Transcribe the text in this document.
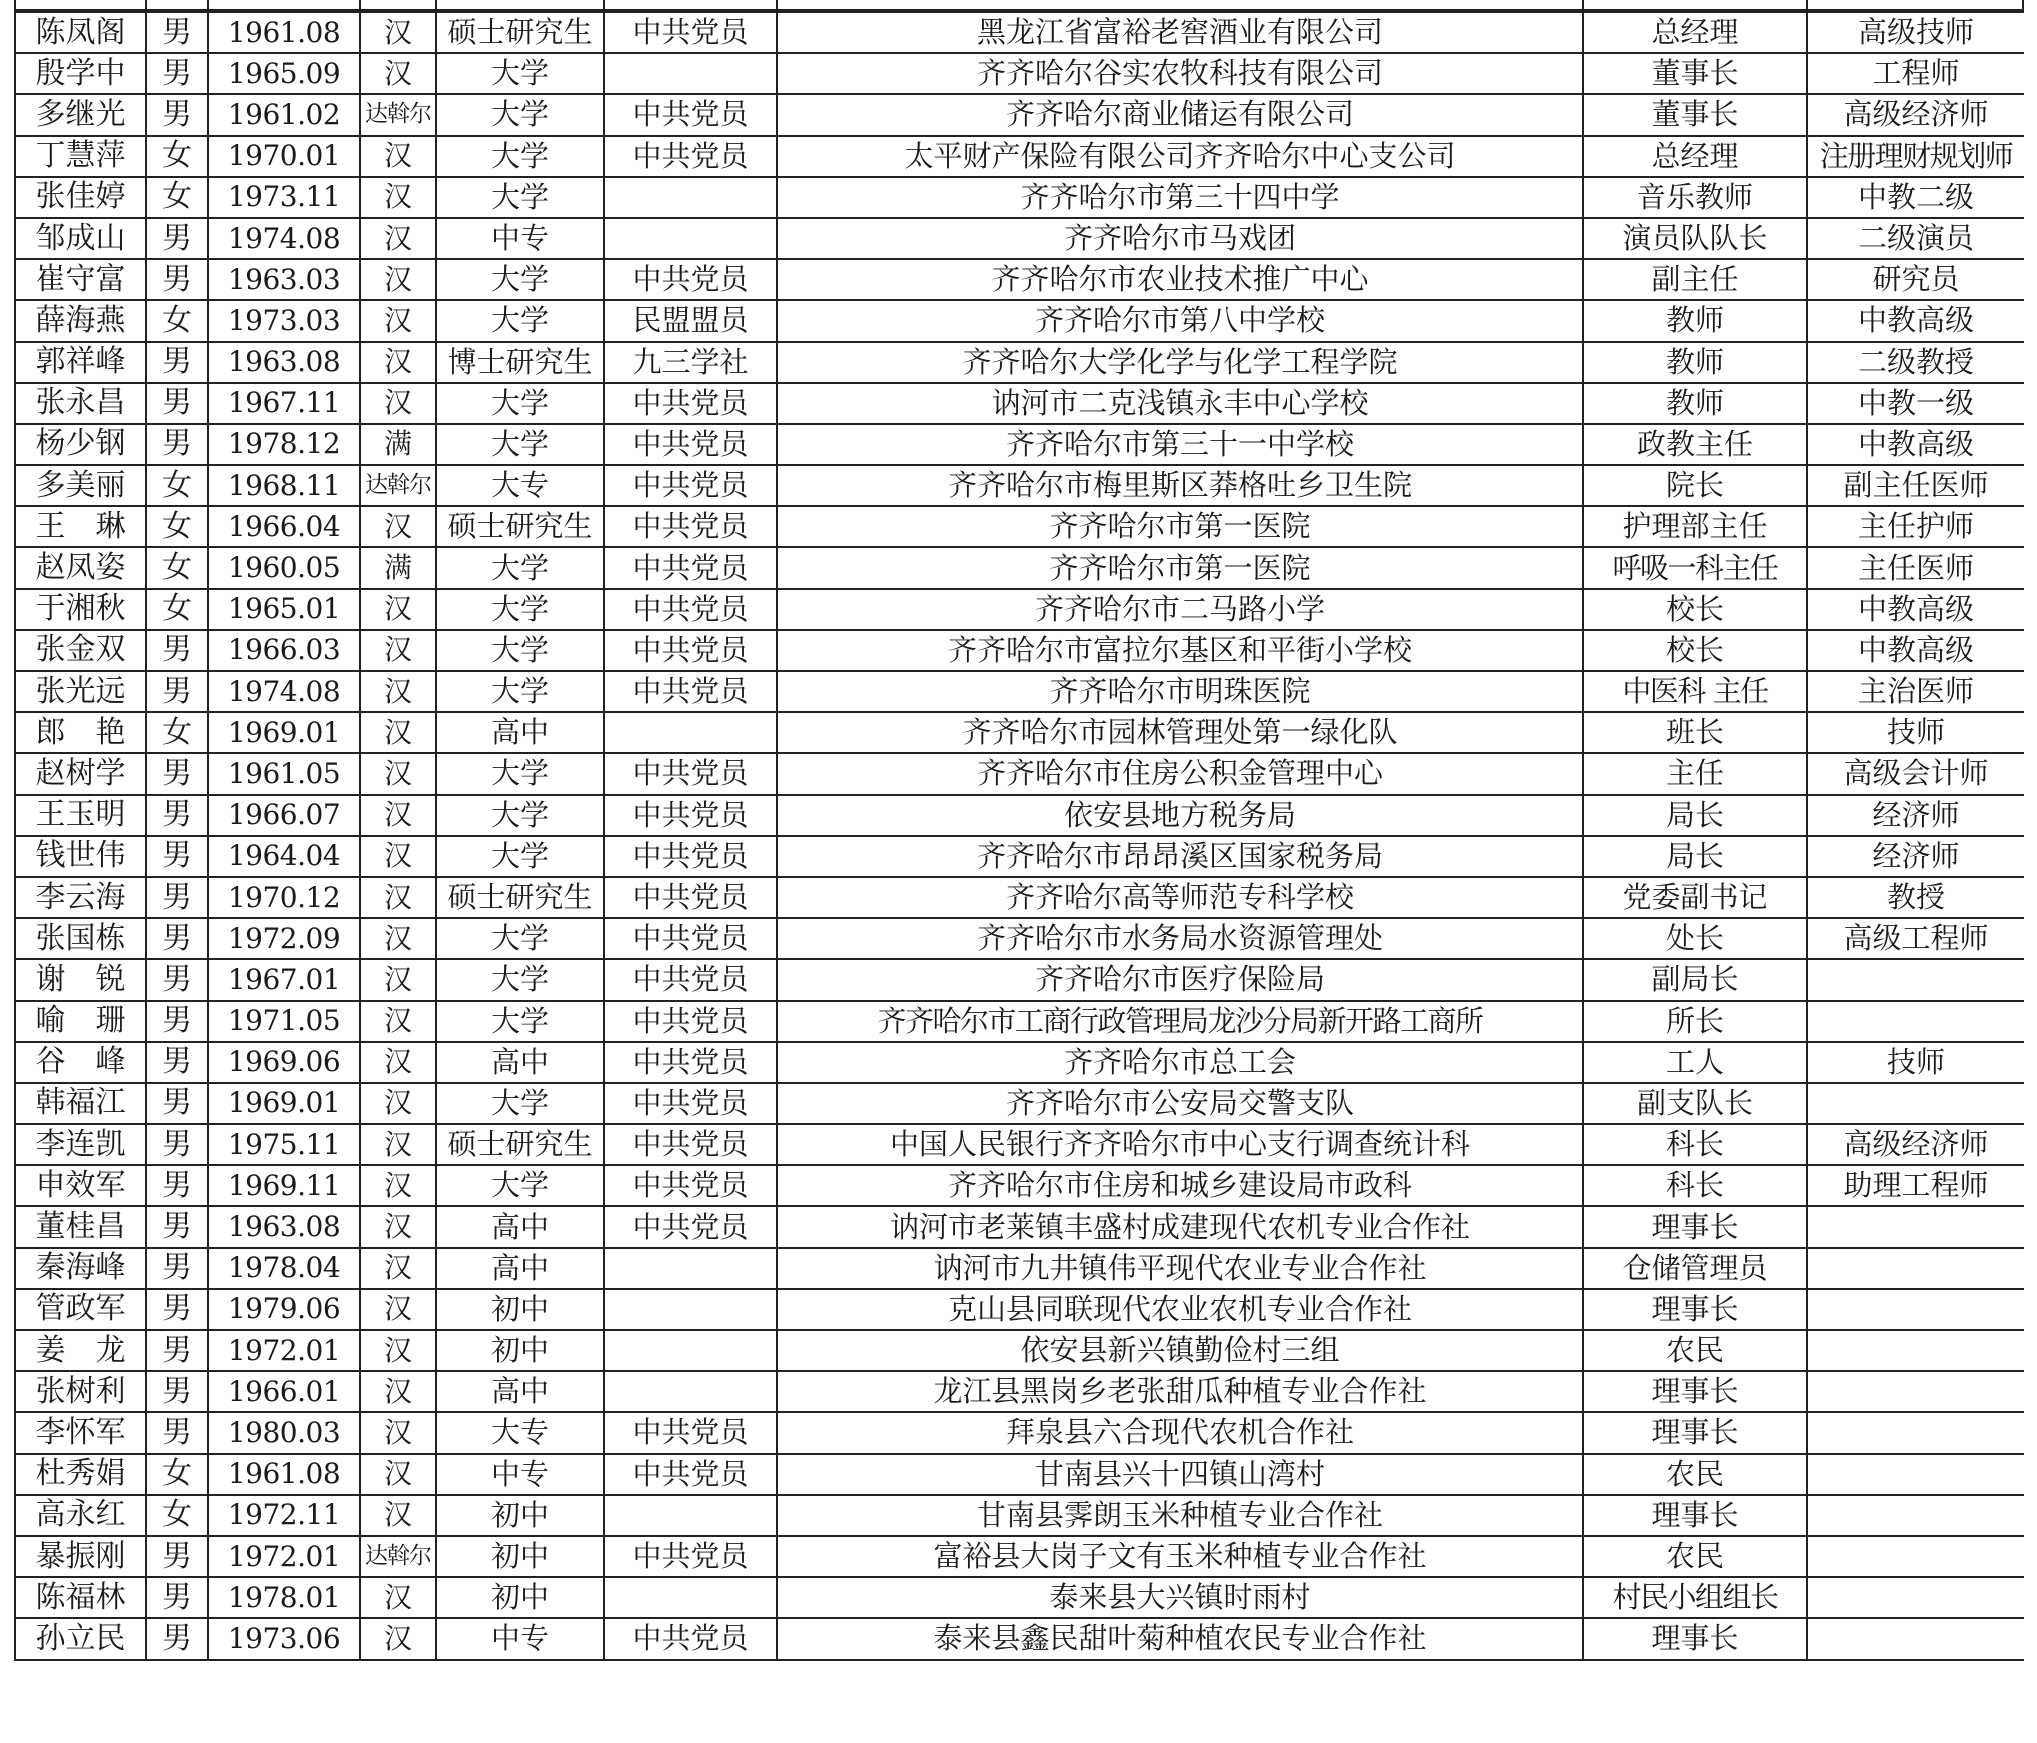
陈凤阁	男	1961.08	汉	硕士研究生	中共党员	黑龙江省富裕老窖酒业有限公司	总经理	高级技师
殷学中	男	1965.09	汉	大学		齐齐哈尔谷实农牧科技有限公司	董事长	工程师
多继光	男	1961.02	达斡尔	大学	中共党员	齐齐哈尔商业储运有限公司	董事长	高级经济师
丁慧萍	女	1970.01	汉	大学	中共党员	太平财产保险有限公司齐齐哈尔中心支公司	总经理	注册理财规划师
张佳婷	女	1973.11	汉	大学		齐齐哈尔市第三十四中学	音乐教师	中教二级
邹成山	男	1974.08	汉	中专		齐齐哈尔市马戏团	演员队队长	二级演员
崔守富	男	1963.03	汉	大学	中共党员	齐齐哈尔市农业技术推广中心	副主任	研究员
薛海燕	女	1973.03	汉	大学	民盟盟员	齐齐哈尔市第八中学校	教师	中教高级
郭祥峰	男	1963.08	汉	博士研究生	九三学社	齐齐哈尔大学化学与化学工程学院	教师	二级教授
张永昌	男	1967.11	汉	大学	中共党员	讷河市二克浅镇永丰中心学校	教师	中教一级
杨少钢	男	1978.12	满	大学	中共党员	齐齐哈尔市第三十一中学校	政教主任	中教高级
多美丽	女	1968.11	达斡尔	大专	中共党员	齐齐哈尔市梅里斯区莽格吐乡卫生院	院长	副主任医师
王　琳	女	1966.04	汉	硕士研究生	中共党员	齐齐哈尔市第一医院	护理部主任	主任护师
赵凤姿	女	1960.05	满	大学	中共党员	齐齐哈尔市第一医院	呼吸一科主任	主任医师
于湘秋	女	1965.01	汉	大学	中共党员	齐齐哈尔市二马路小学	校长	中教高级
张金双	男	1966.03	汉	大学	中共党员	齐齐哈尔市富拉尔基区和平街小学校	校长	中教高级
张光远	男	1974.08	汉	大学	中共党员	齐齐哈尔市明珠医院	中医科 主任	主治医师
郎　艳	女	1969.01	汉	高中		齐齐哈尔市园林管理处第一绿化队	班长	技师
赵树学	男	1961.05	汉	大学	中共党员	齐齐哈尔市住房公积金管理中心	主任	高级会计师
王玉明	男	1966.07	汉	大学	中共党员	依安县地方税务局	局长	经济师
钱世伟	男	1964.04	汉	大学	中共党员	齐齐哈尔市昂昂溪区国家税务局	局长	经济师
李云海	男	1970.12	汉	硕士研究生	中共党员	齐齐哈尔高等师范专科学校	党委副书记	教授
张国栋	男	1972.09	汉	大学	中共党员	齐齐哈尔市水务局水资源管理处	处长	高级工程师
谢　锐	男	1967.01	汉	大学	中共党员	齐齐哈尔市医疗保险局	副局长	
喻　珊	男	1971.05	汉	大学	中共党员	齐齐哈尔市工商行政管理局龙沙分局新开路工商所	所长	
谷　峰	男	1969.06	汉	高中	中共党员	齐齐哈尔市总工会	工人	技师
韩福江	男	1969.01	汉	大学	中共党员	齐齐哈尔市公安局交警支队	副支队长	
李连凯	男	1975.11	汉	硕士研究生	中共党员	中国人民银行齐齐哈尔市中心支行调查统计科	科长	高级经济师
申效军	男	1969.11	汉	大学	中共党员	齐齐哈尔市住房和城乡建设局市政科	科长	助理工程师
董桂昌	男	1963.08	汉	高中	中共党员	讷河市老莱镇丰盛村成建现代农机专业合作社	理事长	
秦海峰	男	1978.04	汉	高中		讷河市九井镇伟平现代农业专业合作社	仓储管理员	
管政军	男	1979.06	汉	初中		克山县同联现代农业农机专业合作社	理事长	
姜　龙	男	1972.01	汉	初中		依安县新兴镇勤俭村三组	农民	
张树利	男	1966.01	汉	高中		龙江县黑岗乡老张甜瓜种植专业合作社	理事长	
李怀军	男	1980.03	汉	大专	中共党员	拜泉县六合现代农机合作社	理事长	
杜秀娟	女	1961.08	汉	中专	中共党员	甘南县兴十四镇山湾村	农民	
高永红	女	1972.11	汉	初中		甘南县霁朗玉米种植专业合作社	理事长	
暴振刚	男	1972.01	达斡尔	初中	中共党员	富裕县大岗子文有玉米种植专业合作社	农民	
陈福林	男	1978.01	汉	初中		泰来县大兴镇时雨村	村民小组组长	
孙立民	男	1973.06	汉	中专	中共党员	泰来县鑫民甜叶菊种植农民专业合作社	理事长	
